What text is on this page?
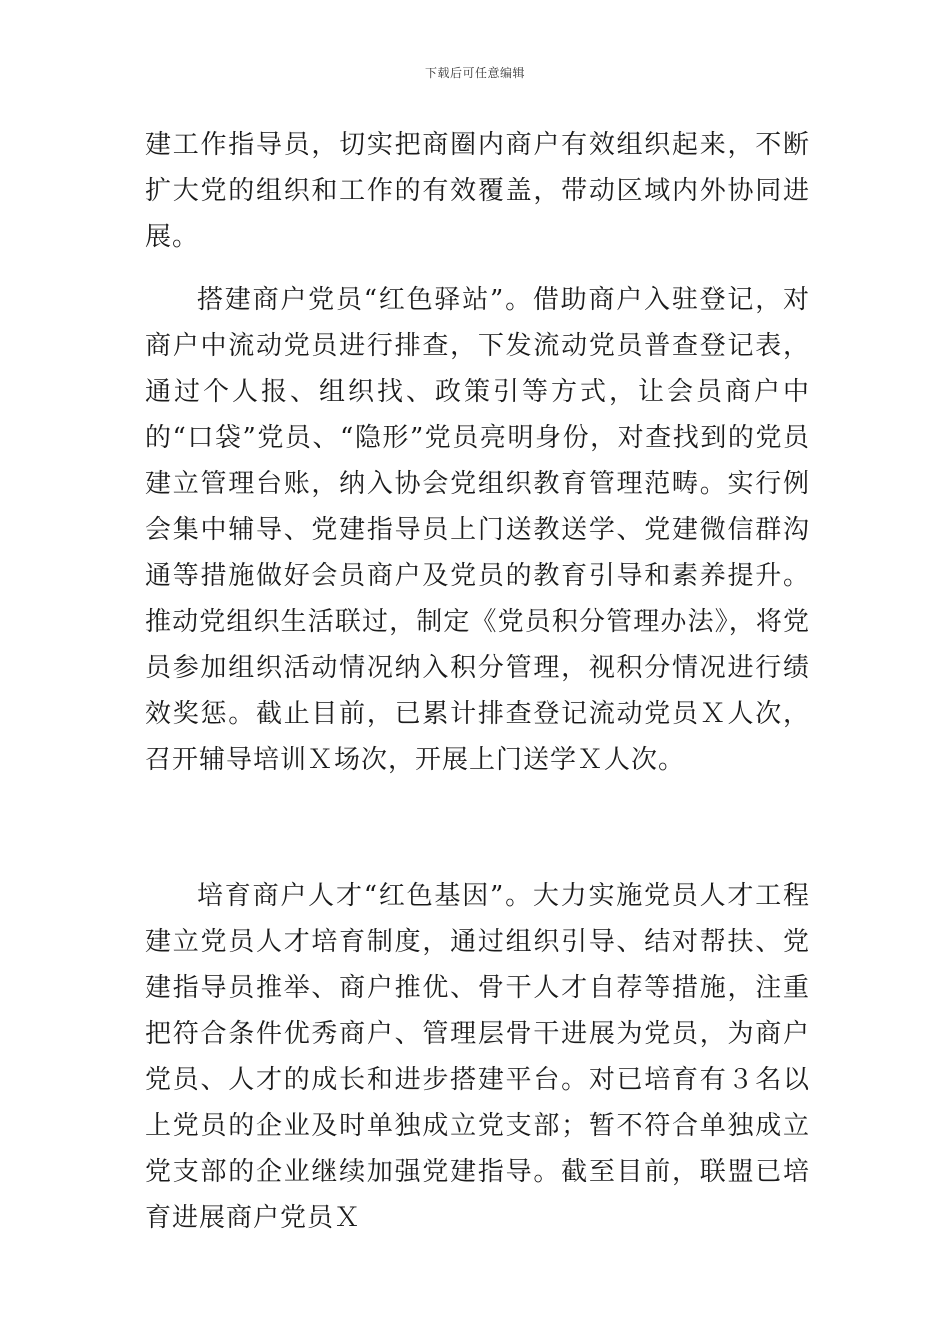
下载后可任意编辑

建工作指导员，切实把商圈内商户有效组织起来，不断扩大党的组织和工作的有效覆盖，带动区域内外协同进展。

搭建商户党员“红色驿站”。借助商户入驻登记，对商户中流动党员进行排查，下发流动党员普查登记表，通过个人报、组织找、政策引等方式，让会员商户中的“口袋”党员、“隐形”党员亮明身份，对查找到的党员建立管理台账，纳入协会党组织教育管理范畴。实行例会集中辅导、党建指导员上门送教送学、党建微信群沟通等措施做好会员商户及党员的教育引导和素养提升。推动党组织生活联过，制定《党员积分管理办法》，将党员参加组织活动情况纳入积分管理，视积分情况进行绩效奖惩。截止目前，已累计排查登记流动党员Ｘ人次，召开辅导培训Ｘ场次，开展上门送学Ｘ人次。

培育商户人才“红色基因”。大力实施党员人才工程建立党员人才培育制度，通过组织引导、结对帮扶、党建指导员推举、商户推优、骨干人才自荐等措施，注重把符合条件优秀商户、管理层骨干进展为党员，为商户党员、人才的成长和进步搭建平台。对已培育有３名以上党员的企业及时单独成立党支部；暂不符合单独成立党支部的企业继续加强党建指导。截至目前，联盟已培育进展商户党员Ｘ
